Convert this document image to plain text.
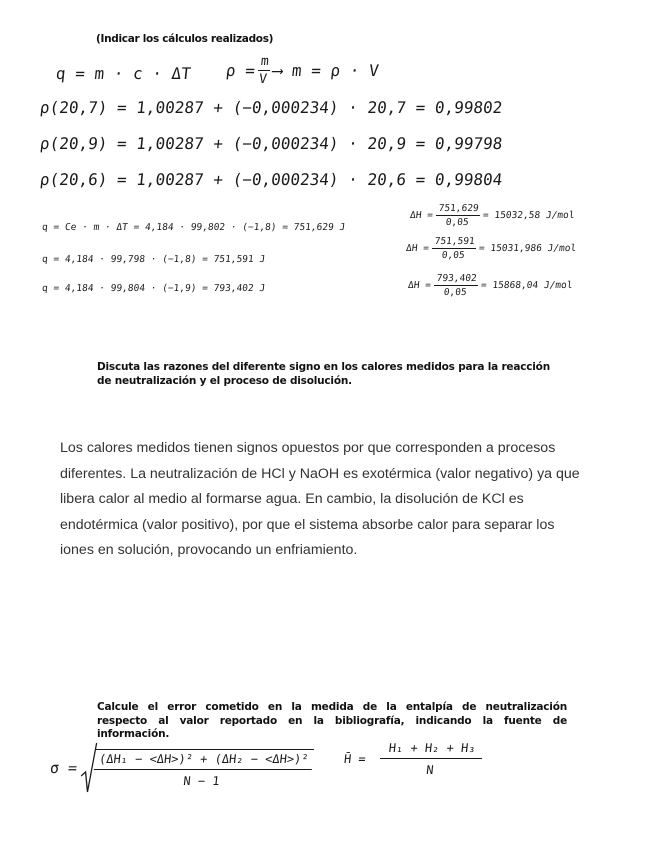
(Indicar los cálculos realizados)
q = m · c · ΔT $\rho = \frac{m}{V}$ ⟶ m = ρ · V
ρ(20,7) = 1,00287 + (−0,000234) · 20,7 = 0,99802
ρ(20,9) = 1,00287 + (−0,000234) · 20,9 = 0,99798
ρ(20,6) = 1,00287 + (−0,000234) · 20,6 = 0,99804
q = Ce · m · ΔT = 4,184 · 99,802 · (−1,8) = 751,629 J
q = 4,184 · 99,798 · (−1,8) = 751,591 J
q = 4,184 · 99,804 · (−1,9) = 793,402 J
$\Delta H = \frac{751,629}{0,05} = 15032,58$ J/mol
$\Delta H = \frac{751,591}{0,05} = 15031,986$ J/mol
$\Delta H = \frac{793,402}{0,05} = 15868,04$ J/mol
Discuta las razones del diferente signo en los calores medidos para la reacción
de neutralización y el proceso de disolución.
Los calores medidos tienen signos opuestos por que corresponden a procesos
diferentes. La neutralización de HCl y NaOH es exotérmica (valor negativo) ya que
libera calor al medio al formarse agua. En cambio, la disolución de KCl es
endotérmica (valor positivo), por que el sistema absorbe calor para separar los
iones en solución, provocando un enfriamiento.
Calcule el error cometido en la medida de la entalpía de neutralización
respecto al valor reportado en la bibliografía, indicando la fuente de
información.
$\sigma = \frac{\text{(ΔH₁ − <ΔH>)² + (ΔH₂ − <ΔH>)²}}{N - 1}$ H̄ = $\frac{\text{H₁ + H₂ + H₃}}{N}$
